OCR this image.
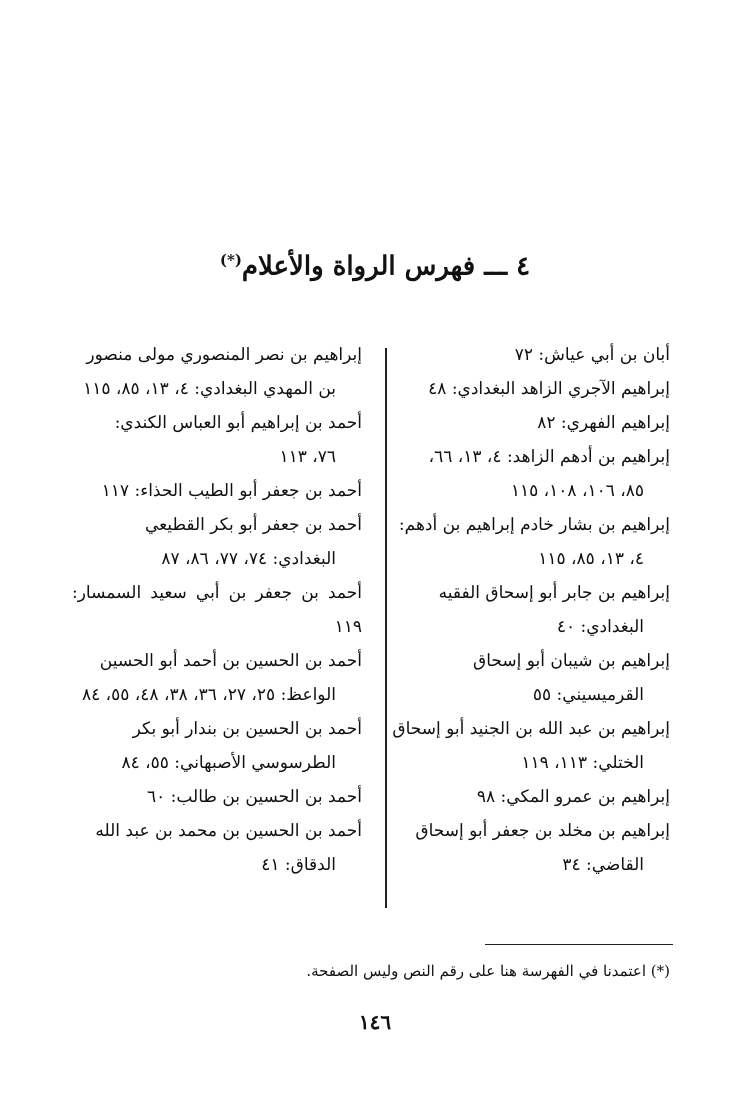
٤ ـــ فهرس الرواة والأعلام(*)
أبان بن أبي عياش: ٧٢
إبراهيم الآجري الزاهد البغدادي: ٤٨
إبراهيم الفهري: ٨٢
إبراهيم بن أدهم الزاهد: ٤، ١٣، ٦٦،
٨٥، ١٠٦، ١٠٨، ١١٥
إبراهيم بن بشار خادم إبراهيم بن أدهم:
٤، ١٣، ٨٥، ١١٥
إبراهيم بن جابر أبو إسحاق الفقيه
البغدادي: ٤٠
إبراهيم بن شيبان أبو إسحاق
القرميسيني: ٥٥
إبراهيم بن عبد الله بن الجنيد أبو إسحاق
الختلي: ١١٣، ١١٩
إبراهيم بن عمرو المكي: ٩٨
إبراهيم بن مخلد بن جعفر أبو إسحاق
القاضي: ٣٤
إبراهيم بن نصر المنصوري مولى منصور
بن المهدي البغدادي: ٤، ١٣، ٨٥، ١١٥
أحمد بن إبراهيم أبو العباس الكندي:
٧٦، ١١٣
أحمد بن جعفر أبو الطيب الحذاء: ١١٧
أحمد بن جعفر أبو بكر القطيعي
البغدادي: ٧٤، ٧٧، ٨٦، ٨٧
أحمد بن جعفر بن أبي سعيد السمسار: ١١٩
أحمد بن الحسين بن أحمد أبو الحسين
الواعظ: ٢٥، ٢٧، ٣٦، ٣٨، ٤٨، ٥٥، ٨٤
أحمد بن الحسين بن بندار أبو بكر
الطرسوسي الأصبهاني: ٥٥، ٨٤
أحمد بن الحسين بن طالب: ٦٠
أحمد بن الحسين بن محمد بن عبد الله
الدقاق: ٤١
(*) اعتمدنا في الفهرسة هنا على رقم النص وليس الصفحة.
١٤٦
